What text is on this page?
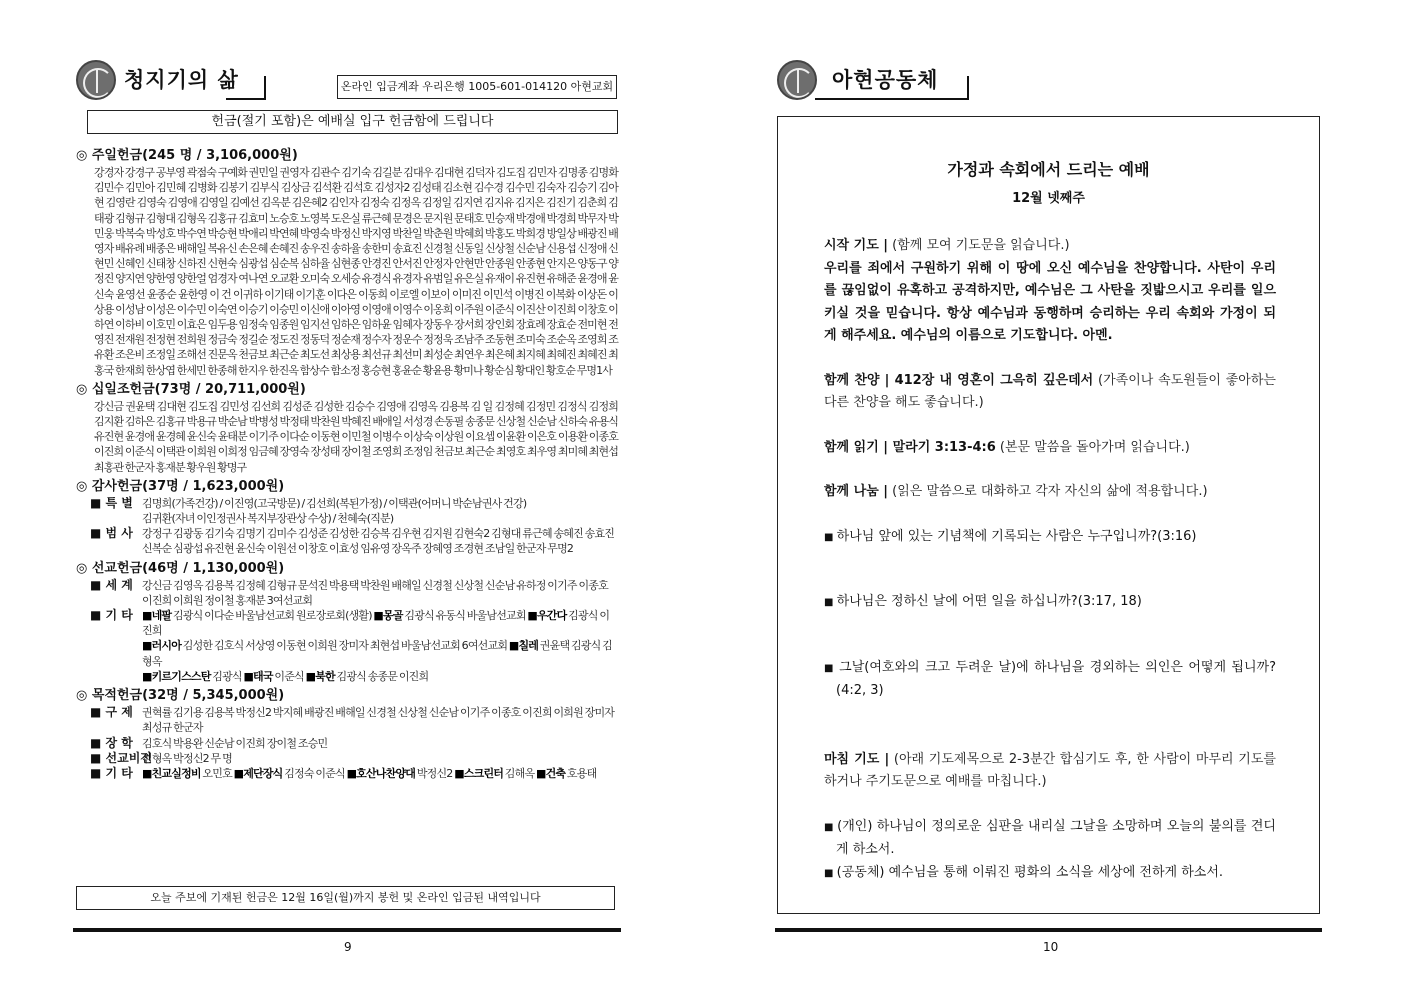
청지기의 삶	온라인 입금계좌 우리은행 1005-601-014120 아현교회
헌금(절기 포함)은 예배실 입구 헌금함에 드립니다
◎ 주일헌금(245 명 / 3,106,000원)
강경자 강경구 공부영 곽점숙 구예화 권민일 권영자 김관수 김기숙 김길분 김대우 김대현 김덕자 김도집 김민자 김명종 김명화 김민수 김민아 김민혜 김병화 김봉기 김부식 김상금 김석환 김석호 김성자2 김성태 김소현 김수경 김수민 김숙자 김승기 김아현 김영란 김영숙 김영애 김영일 김예선 김옥분 김은혜2 김인자 김정숙 김정옥 김정일 김지연 김지유 김지은 김진기 김춘희 김태광 김형규 김형대 김형옥 김홍규 김효미 노승호 노영복 도은실 류근혜 문경은 문지원 문태호 민승재 박경애 박경희 박무자 박민웅 박복숙 박성호 박수연 박승현 박애리 박연혜 박영숙 박정신 박지영 박찬일 박춘원 박혜희 박홍도 박희경 방일상 배광진 배영자 배유례 배종은 배해일 복유신 손은혜 손혜진 송우진 송하율 송한미 송효진 신경철 신동일 신상철 신순남 신용섭 신정애 신현민 신혜인 신태창 신하진 신현숙 심광섭 심순복 심하율 심현종 안경진 안서진 안정자 안현만 안종원 안종현 안지은 양동구 양정진 양지연 양한영 양한얼 엄경자 여나연 오교환 오미숙 오세승 유경식 유경자 유범일 유은실 유재이 유진현 유해준 윤경애 윤신숙 윤영선 윤종순 윤한영 이 건 이귀하 이기태 이기훈 이다은 이동희 이로엘 이보이 이미진 이민석 이병진 이복화 이상돈 이상용 이성남 이성은 이수민 이숙연 이승기 이승민 이신애 이아영 이영애 이영수 이옹희 이주원 이준식 이진산 이진희 이창호 이하연 이하비 이호민 이효은 임두용 임정숙 임종원 임지선 임하은 임하윤 임혜자 장동우 장서희 장인회 장효례 장효순 전미현 전영진 전재원 전정현 전희원 정금숙 정길순 정도진 정동덕 정순재 정수자 정운수 정정욱 조남주 조동현 조미숙 조순옥 조영희 조유환 조은비 조정일 조해선 진문옥 천금보 최근순 최도선 최상용 최선규 최선미 최성순 최연우 최은혜 최지혜 최혜진 최혜진 최홍국 한재희 한상엽 한세민 한종해 한지우 한진옥 함상수 함소정 홍승현 홍윤순 황윤용 황미나 황순심 황대인 황호순 무명1사
◎ 십일조헌금(73명 / 20,711,000원)
강신금 권윤택 김대현 김도집 김민성 김선희 김성준 김성한 김승수 김영애 김영옥 김용복 김 일 김정혜 김정민 김정식 김정희 김지환 김하은 김홍규 박용규 박순남 박병성 박정태 박찬원 박혜진 배애일 서성경 손동필 송종문 신상철 신순남 신하숙 유용식 유진현 윤경애 윤경혜 윤신숙 윤태분 이기주 이다순 이동현 이민철 이병수 이상숙 이상원 이요셉 이윤환 이은호 이용환 이종호 이진희 이준식 이택관 이희원 이희정 임금혜 장영숙 장성태 장이철 조영희 조정임 천금보 최근순 최영호 최우영 최미혜 최현섭 최홍관 한군자 홍재분 황우원 황명구
◎ 감사헌금(37명 / 1,623,000원)
■ 특 별 김명희(가족건강) / 이진영(고국방문) / 김선희(복된가정) / 이택관(어머니 박순남권사 건강)
김귀환(자녀 이인정권사 복지부장관상 수상) / 천혜숙(직분)
■ 범 사 강정구 김광동 김기숙 김명기 김미수 김성준 김성한 김승복 김우현 김지원 김현숙2 김형대 류근혜 송혜진 송효진
신복순 심광섭 유진현 윤신숙 이원선 이창호 이효성 임유영 장옥주 장혜영 조경현 조남일 한군자 무명2
◎ 선교헌금(46명 / 1,130,000원)
■ 세 계 강신금 김영옥 김용복 김정혜 김형규 문석진 박용택 박찬원 배해일 신경철 신상철 신순남 유하정 이기주 이종호
이진희 이희원 정이철 홍재분 3여선교회
■ 기 타 ■네팔 김광식 이다순 바울남선교회 원로장로회(생활) ■몽골 김광식 유동식 바울남선교회 ■우간다 김광식 이진희
■러시아 김성한 김호식 서상영 이동현 이희원 장미자 최현섭 바울남선교회 6여선교회 ■칠레 권윤택 김광식 김형옥
■키르기스스탄 김광식 ■태국 이준식 ■북한 김광식 송종문 이진희
◎ 목적헌금(32명 / 5,345,000원)
■ 구 제 권혁률 김기용 김용복 박정신2 박지혜 배광진 배해일 신경철 신상철 신순남 이기주 이종호 이진희 이희원 장미자
최성규 한군자
■ 장 학 김호식 박용완 신순남 이진희 장이철 조승민
■ 선교비전
김형옥 박정신2 무 명
■ 기 타 ■친교실정비 오민호 ■제단장식 김정숙 이준식 ■호산나찬양대 박정신2 ■스크린터 김해옥 ■건축 호용태
오늘 주보에 기재된 헌금은 12월 16일(월)까지 봉헌 및 온라인 입금된 내역입니다
9
아현공동체
가정과 속회에서 드리는 예배
12월 넷째주

시작 기도 | (함께 모여 기도문을 읽습니다.)

우리를 죄에서 구원하기 위해 이 땅에 오신 예수님을 찬양합니다. 사탄이 우리를 끊임없이 유혹하고 공격하지만, 예수님은 그 사탄을 짓밟으시고 우리를 일으키실 것을 믿습니다. 항상 예수님과 동행하며 승리하는 우리 속회와 가정이 되게 해주세요. 예수님의 이름으로 기도합니다. 아멘.

함께 찬양 | 412장 내 영혼이 그윽히 깊은데서 (가족이나 속도원들이 좋아하는 다른 찬양을 해도 좋습니다.)

함께 읽기 | 말라기 3:13-4:6 (본문 말씀을 돌아가며 읽습니다.)

함께 나눔 | (읽은 말씀으로 대화하고 각자 자신의 삶에 적용합니다.)

■ 하나님 앞에 있는 기념책에 기록되는 사람은 누구입니까?(3:16)

■ 하나님은 정하신 날에 어떤 일을 하십니까?(3:17, 18)

■ 그날(여호와의 크고 두려운 날)에 하나님을 경외하는 의인은 어떻게 됩니까?(4:2, 3)

마침 기도 | (아래 기도제목으로 2-3분간 합심기도 후, 한 사람이 마무리 기도를 하거나 주기도문으로 예배를 마칩니다.)

■ (개인) 하나님이 정의로운 심판을 내리실 그날을 소망하며 오늘의 불의를 견디게 하소서.

■ (공동체) 예수님을 통해 이뤄진 평화의 소식을 세상에 전하게 하소서.

10
